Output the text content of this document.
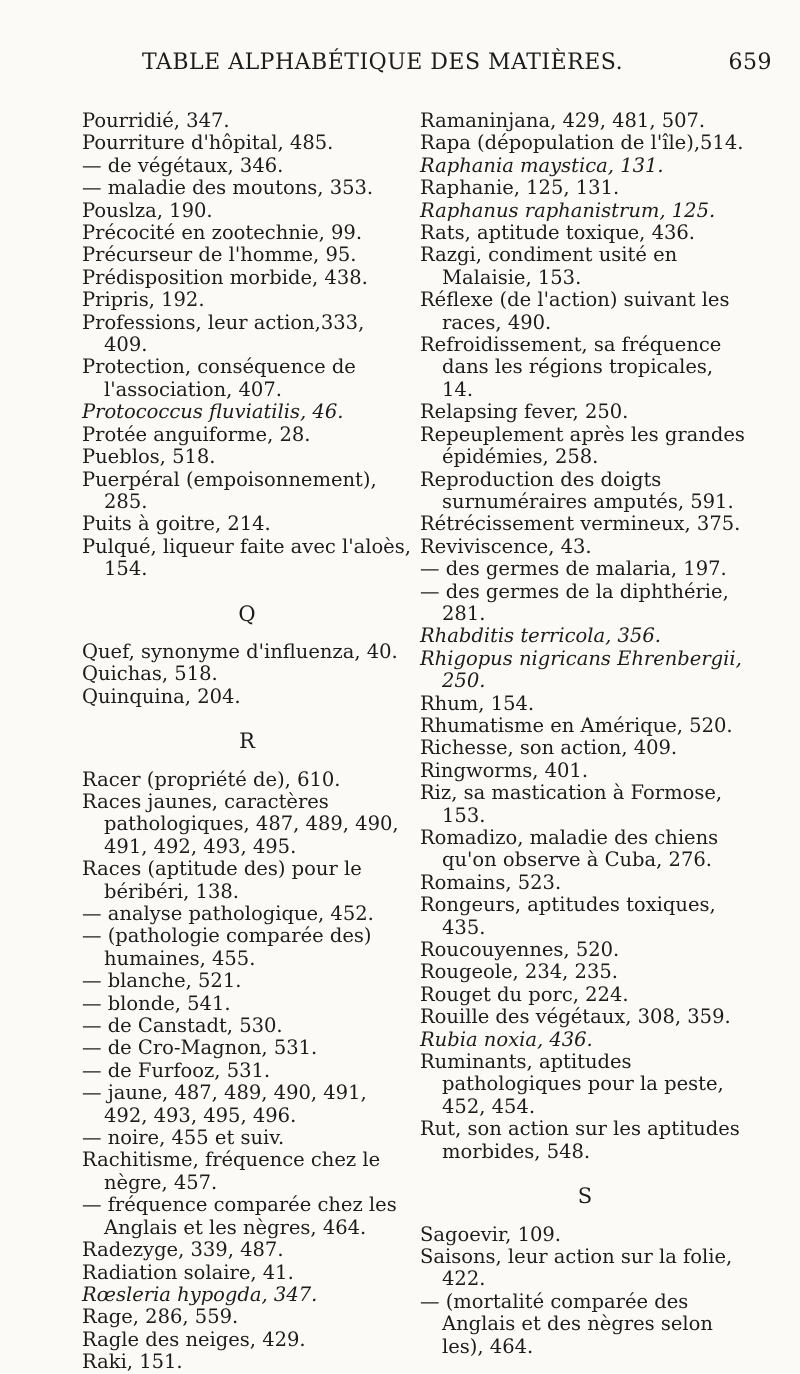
TABLE ALPHABÉTIQUE DES MATIÈRES.	659
Pourridié, 347.
Pourriture d'hôpital, 485.
— de végétaux, 346.
— maladie des moutons, 353.
Pouslza, 190.
Précocité en zootechnie, 99.
Précurseur de l'homme, 95.
Prédisposition morbide, 438.
Pripris, 192.
Professions, leur action,333, 409.
Protection, conséquence de l'association, 407.
Protococcus fluviatilis, 46.
Protée anguiforme, 28.
Pueblos, 518.
Puerpéral (empoisonnement), 285.
Puits à goitre, 214.
Pulqué, liqueur faite avec l'aloès, 154.
Q
Quef, synonyme d'influenza, 40.
Quichas, 518.
Quinquina, 204.
R
Racer (propriété de), 610.
Races jaunes, caractères pathologiques, 487, 489, 490, 491, 492, 493, 495.
Races (aptitude des) pour le béribéri, 138.
— analyse pathologique, 452.
— (pathologie comparée des) humaines, 455.
— blanche, 521.
— blonde, 541.
— de Canstadt, 530.
— de Cro-Magnon, 531.
— de Furfooz, 531.
— jaune, 487, 489, 490, 491, 492, 493, 495, 496.
— noire, 455 et suiv.
Rachitisme, fréquence chez le nègre, 457.
— fréquence comparée chez les Anglais et les nègres, 464.
Radezyge, 339, 487.
Radiation solaire, 41.
Rœsleria hypogda, 347.
Rage, 286, 559.
Ragle des neiges, 429.
Raki, 151.
Ramaninjana, 429, 481, 507.
Rapa (dépopulation de l'île),514.
Raphania maystica, 131.
Raphanie, 125, 131.
Raphanus raphanistrum, 125.
Rats, aptitude toxique, 436.
Razgi, condiment usité en Malaisie, 153.
Réflexe (de l'action) suivant les races, 490.
Refroidissement, sa fréquence dans les régions tropicales, 14.
Relapsing fever, 250.
Repeuplement après les grandes épidémies, 258.
Reproduction des doigts surnuméraires amputés, 591.
Rétrécissement vermineux, 375.
Reviviscence, 43.
— des germes de malaria, 197.
— des germes de la diphthérie, 281.
Rhabditis terricola, 356.
Rhigopus nigricans Ehrenbergii, 250.
Rhum, 154.
Rhumatisme en Amérique, 520.
Richesse, son action, 409.
Ringworms, 401.
Riz, sa mastication à Formose, 153.
Romadizo, maladie des chiens qu'on observe à Cuba, 276.
Romains, 523.
Rongeurs, aptitudes toxiques, 435.
Roucouyennes, 520.
Rougeole, 234, 235.
Rouget du porc, 224.
Rouille des végétaux, 308, 359.
Rubia noxia, 436.
Ruminants, aptitudes pathologiques pour la peste, 452, 454.
Rut, son action sur les aptitudes morbides, 548.
S
Sagoevir, 109.
Saisons, leur action sur la folie, 422.
— (mortalité comparée des Anglais et des nègres selon les), 464.
